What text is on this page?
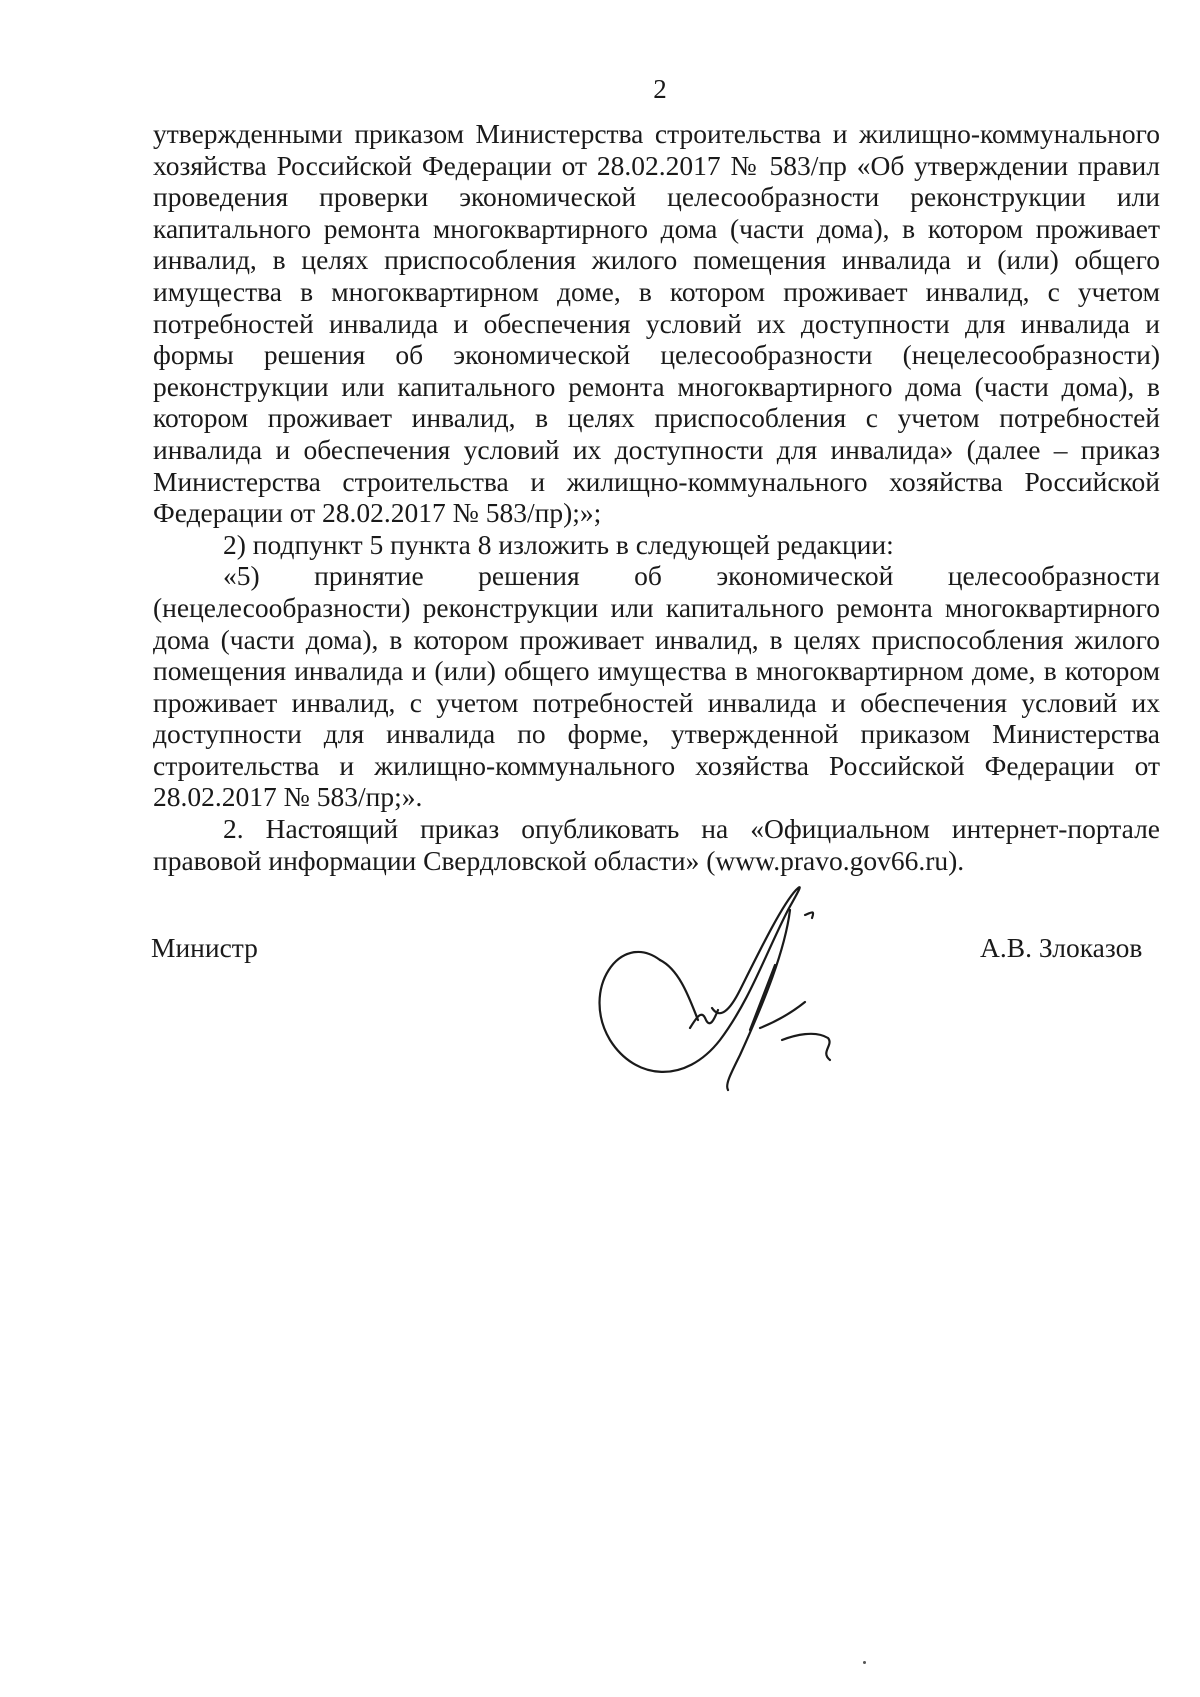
2

утвержденными приказом Министерства строительства и жилищно-коммунального хозяйства Российской Федерации от 28.02.2017 № 583/пр «Об утверждении правил проведения проверки экономической целесообразности реконструкции или капитального ремонта многоквартирного дома (части дома), в котором проживает инвалид, в целях приспособления жилого помещения инвалида и (или) общего имущества в многоквартирном доме, в котором проживает инвалид, с учетом потребностей инвалида и обеспечения условий их доступности для инвалида и формы решения об экономической целесообразности (нецелесообразности) реконструкции или капитального ремонта многоквартирного дома (части дома), в котором проживает инвалид, в целях приспособления с учетом потребностей инвалида и обеспечения условий их доступности для инвалида» (далее – приказ Министерства строительства и жилищно-коммунального хозяйства Российской Федерации от 28.02.2017 № 583/пр);»;

2) подпункт 5 пункта 8 изложить в следующей редакции:

«5) принятие решения об экономической целесообразности (нецелесообразности) реконструкции или капитального ремонта многоквартирного дома (части дома), в котором проживает инвалид, в целях приспособления жилого помещения инвалида и (или) общего имущества в многоквартирном доме, в котором проживает инвалид, с учетом потребностей инвалида и обеспечения условий их доступности для инвалида по форме, утвержденной приказом Министерства строительства и жилищно-коммунального хозяйства Российской Федерации от 28.02.2017 № 583/пр;».

2. Настоящий приказ опубликовать на «Официальном интернет-портале правовой информации Свердловской области» (www.pravo.gov66.ru).

Министр	А.В. Злоказов
